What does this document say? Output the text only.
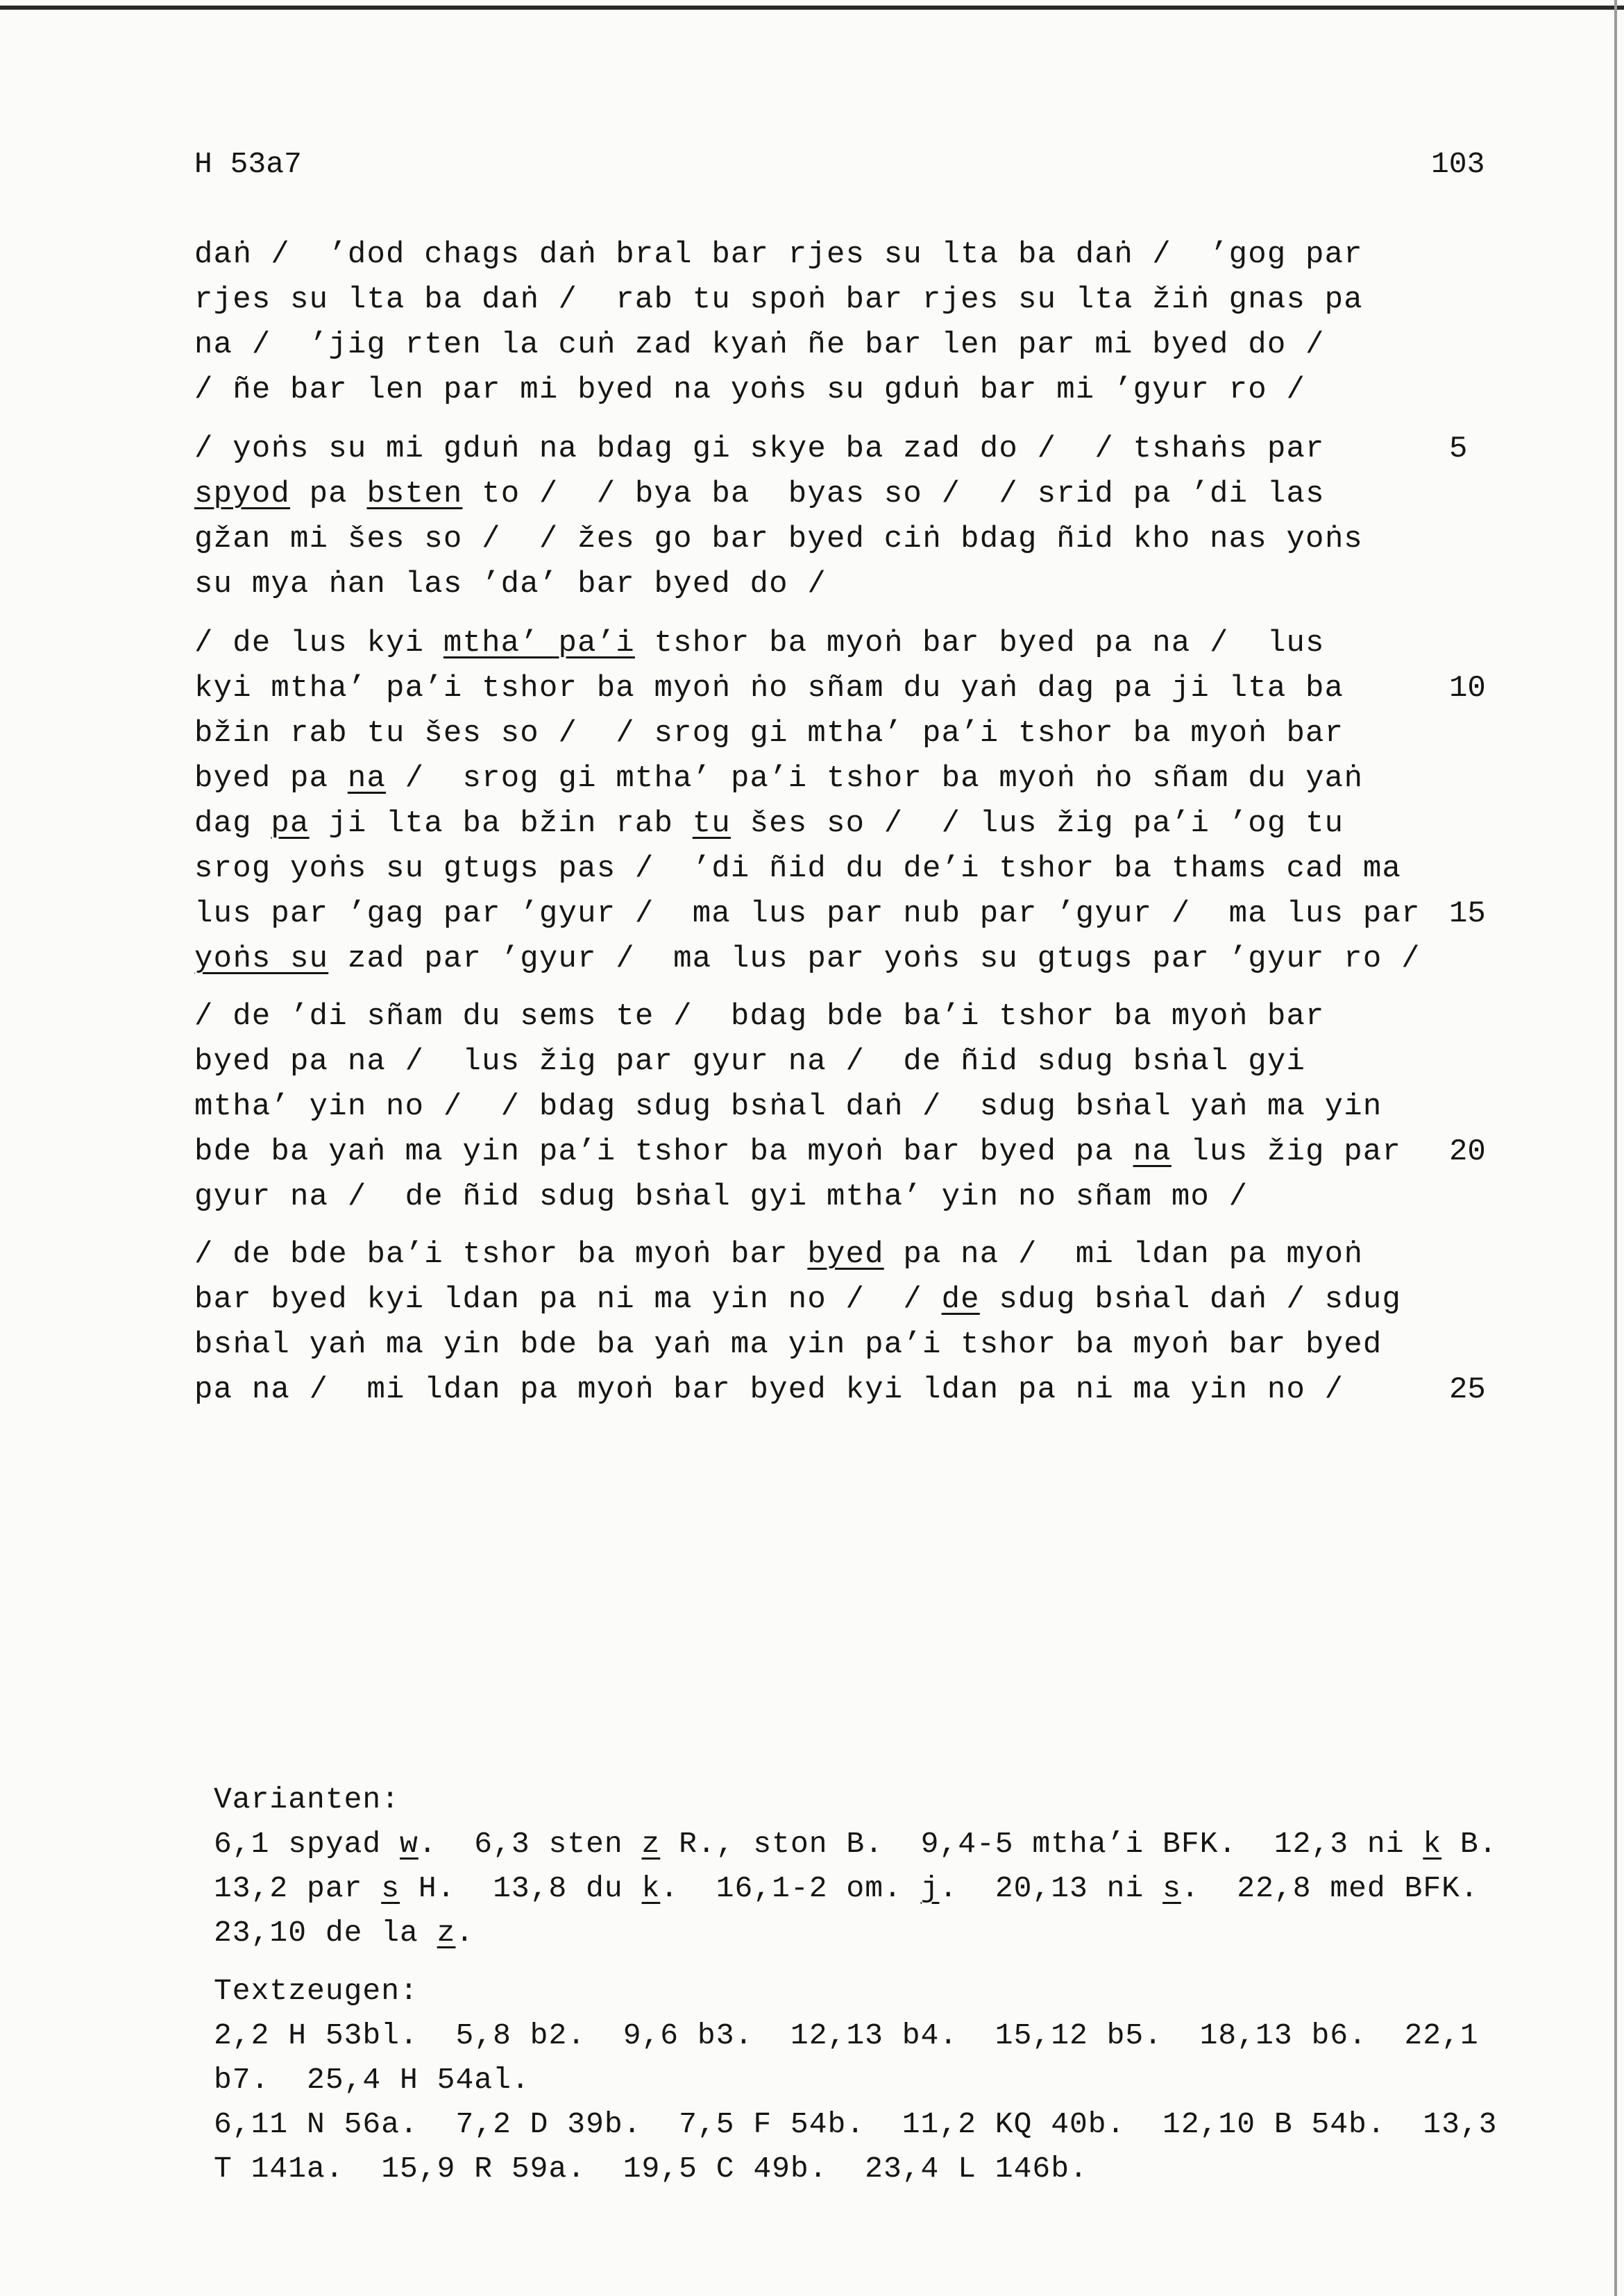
H 53a7	103
daṅ /  ’dod chags daṅ bral bar rjes su lta ba daṅ /  ’gog par
rjes su lta ba daṅ /  rab tu spoṅ bar rjes su lta žiṅ gnas pa
na /  ’jig rten la cuṅ zad kyaṅ ñe bar len par mi byed do /
/ ñe bar len par mi byed na yoṅs su gduṅ bar mi ’gyur ro /
/ yoṅs su mi gduṅ na bdag gi skye ba zad do /  / tshaṅs par
spyod pa bsten to /  / bya ba  byas so /  / srid pa ’di las
gžan mi šes so /  / žes go bar byed ciṅ bdag ñid kho nas yoṅs
su mya ṅan las ’da’ bar byed do /
/ de lus kyi mtha’ pa’i tshor ba myoṅ bar byed pa na /  lus
kyi mtha’ pa’i tshor ba myoṅ ṅo sñam du yaṅ dag pa ji lta ba
bžin rab tu šes so /  / srog gi mtha’ pa’i tshor ba myoṅ bar
byed pa na /  srog gi mtha’ pa’i tshor ba myoṅ ṅo sñam du yaṅ
dag pa ji lta ba bžin rab tu šes so /  / lus žig pa’i ’og tu
srog yoṅs su gtugs pas /  ’di ñid du de’i tshor ba thams cad ma
lus par ’gag par ’gyur /  ma lus par nub par ’gyur /  ma lus par
yoṅs su zad par ’gyur /  ma lus par yoṅs su gtugs par ’gyur ro /
/ de ’di sñam du sems te /  bdag bde ba’i tshor ba myoṅ bar
byed pa na /  lus žig par gyur na /  de ñid sdug bsṅal gyi
mtha’ yin no /  / bdag sdug bsṅal daṅ /  sdug bsṅal yaṅ ma yin
bde ba yaṅ ma yin pa’i tshor ba myoṅ bar byed pa na lus žig par
gyur na /  de ñid sdug bsṅal gyi mtha’ yin no sñam mo /
/ de bde ba’i tshor ba myoṅ bar byed pa na /  mi ldan pa myoṅ
bar byed kyi ldan pa ni ma yin no /  / de sdug bsṅal daṅ / sdug
bsṅal yaṅ ma yin bde ba yaṅ ma yin pa’i tshor ba myoṅ bar byed
pa na /  mi ldan pa myoṅ bar byed kyi ldan pa ni ma yin no /
5
10
15
20
25
Varianten:
6,1 spyad w.  6,3 sten z R., ston B.  9,4-5 mtha’i BFK.  12,3 ni k B.
13,2 par s H.  13,8 du k.  16,1-2 om. j.  20,13 ni s.  22,8 med BFK.
23,10 de la z.
Textzeugen:
2,2 H 53bl.  5,8 b2.  9,6 b3.  12,13 b4.  15,12 b5.  18,13 b6.  22,1
b7.  25,4 H 54al.
6,11 N 56a.  7,2 D 39b.  7,5 F 54b.  11,2 KQ 40b.  12,10 B 54b.  13,3
T 141a.  15,9 R 59a.  19,5 C 49b.  23,4 L 146b.
